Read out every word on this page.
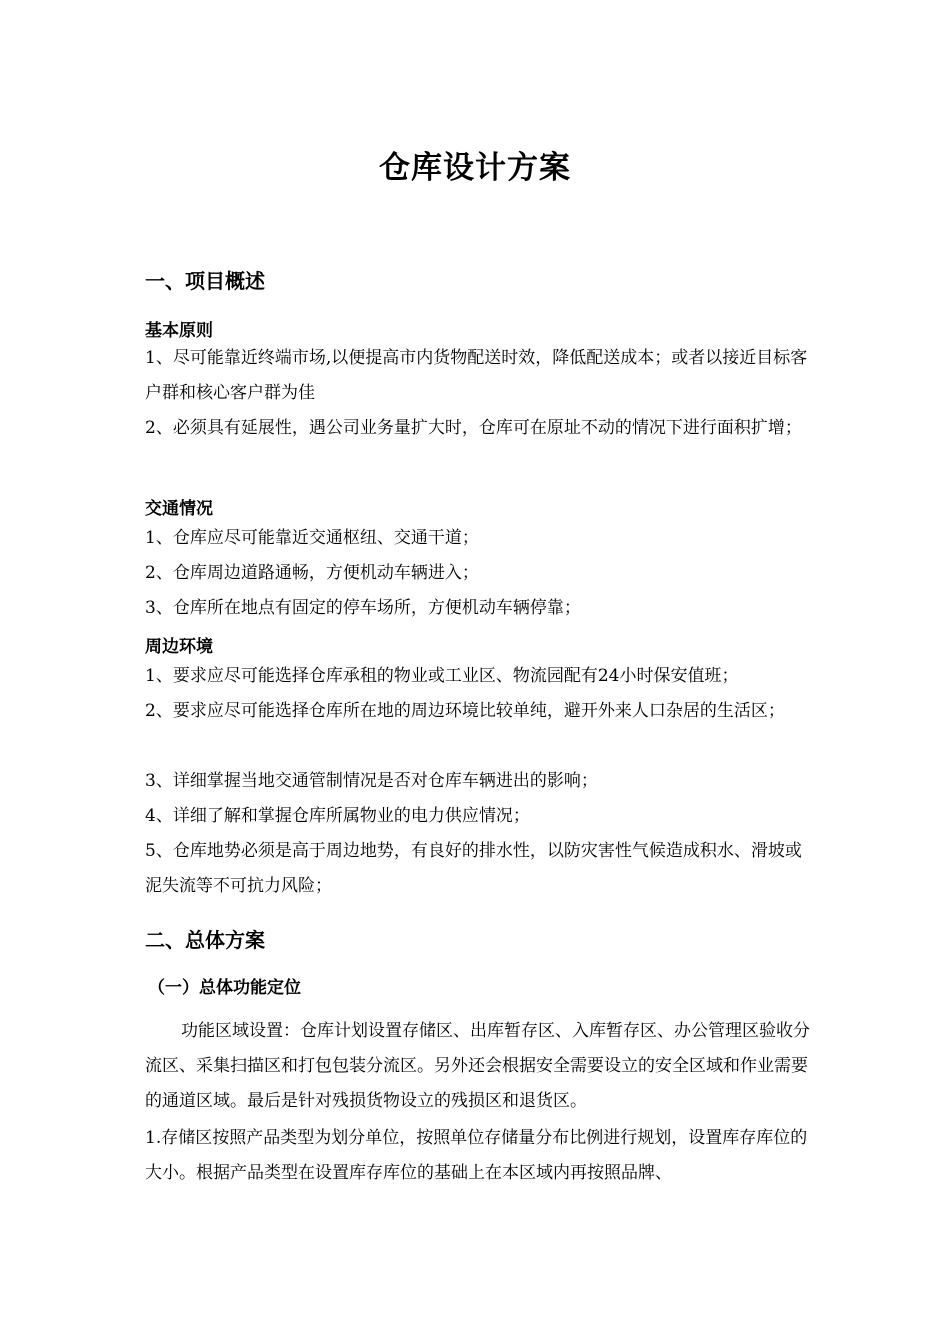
仓库设计方案
一、项目概述
基本原则

1、尽可能靠近终端市场,以便提高市内货物配送时效，降低配送成本；或者以接近目标客户群和核心客户群为佳

2、必须具有延展性，遇公司业务量扩大时，仓库可在原址不动的情况下进行面积扩增；

交通情况

1、仓库应尽可能靠近交通枢纽、交通干道；

2、仓库周边道路通畅，方便机动车辆进入；

3、仓库所在地点有固定的停车场所，方便机动车辆停靠；

周边环境

1、要求应尽可能选择仓库承租的物业或工业区、物流园配有24小时保安值班；

2、要求应尽可能选择仓库所在地的周边环境比较单纯，避开外来人口杂居的生活区；

3、详细掌握当地交通管制情况是否对仓库车辆进出的影响；

4、详细了解和掌握仓库所属物业的电力供应情况；

5、仓库地势必须是高于周边地势，有良好的排水性，以防灾害性气候造成积水、滑坡或泥失流等不可抗力风险；

二、总体方案
（一）总体功能定位

功能区域设置：仓库计划设置存储区、出库暂存区、入库暂存区、办公管理区验收分流区、采集扫描区和打包包装分流区。另外还会根据安全需要设立的安全区域和作业需要的通道区域。最后是针对残损货物设立的残损区和退货区。

1.存储区按照产品类型为划分单位，按照单位存储量分布比例进行规划，设置库存库位的大小。根据产品类型在设置库存库位的基础上在本区域内再按照品牌、
